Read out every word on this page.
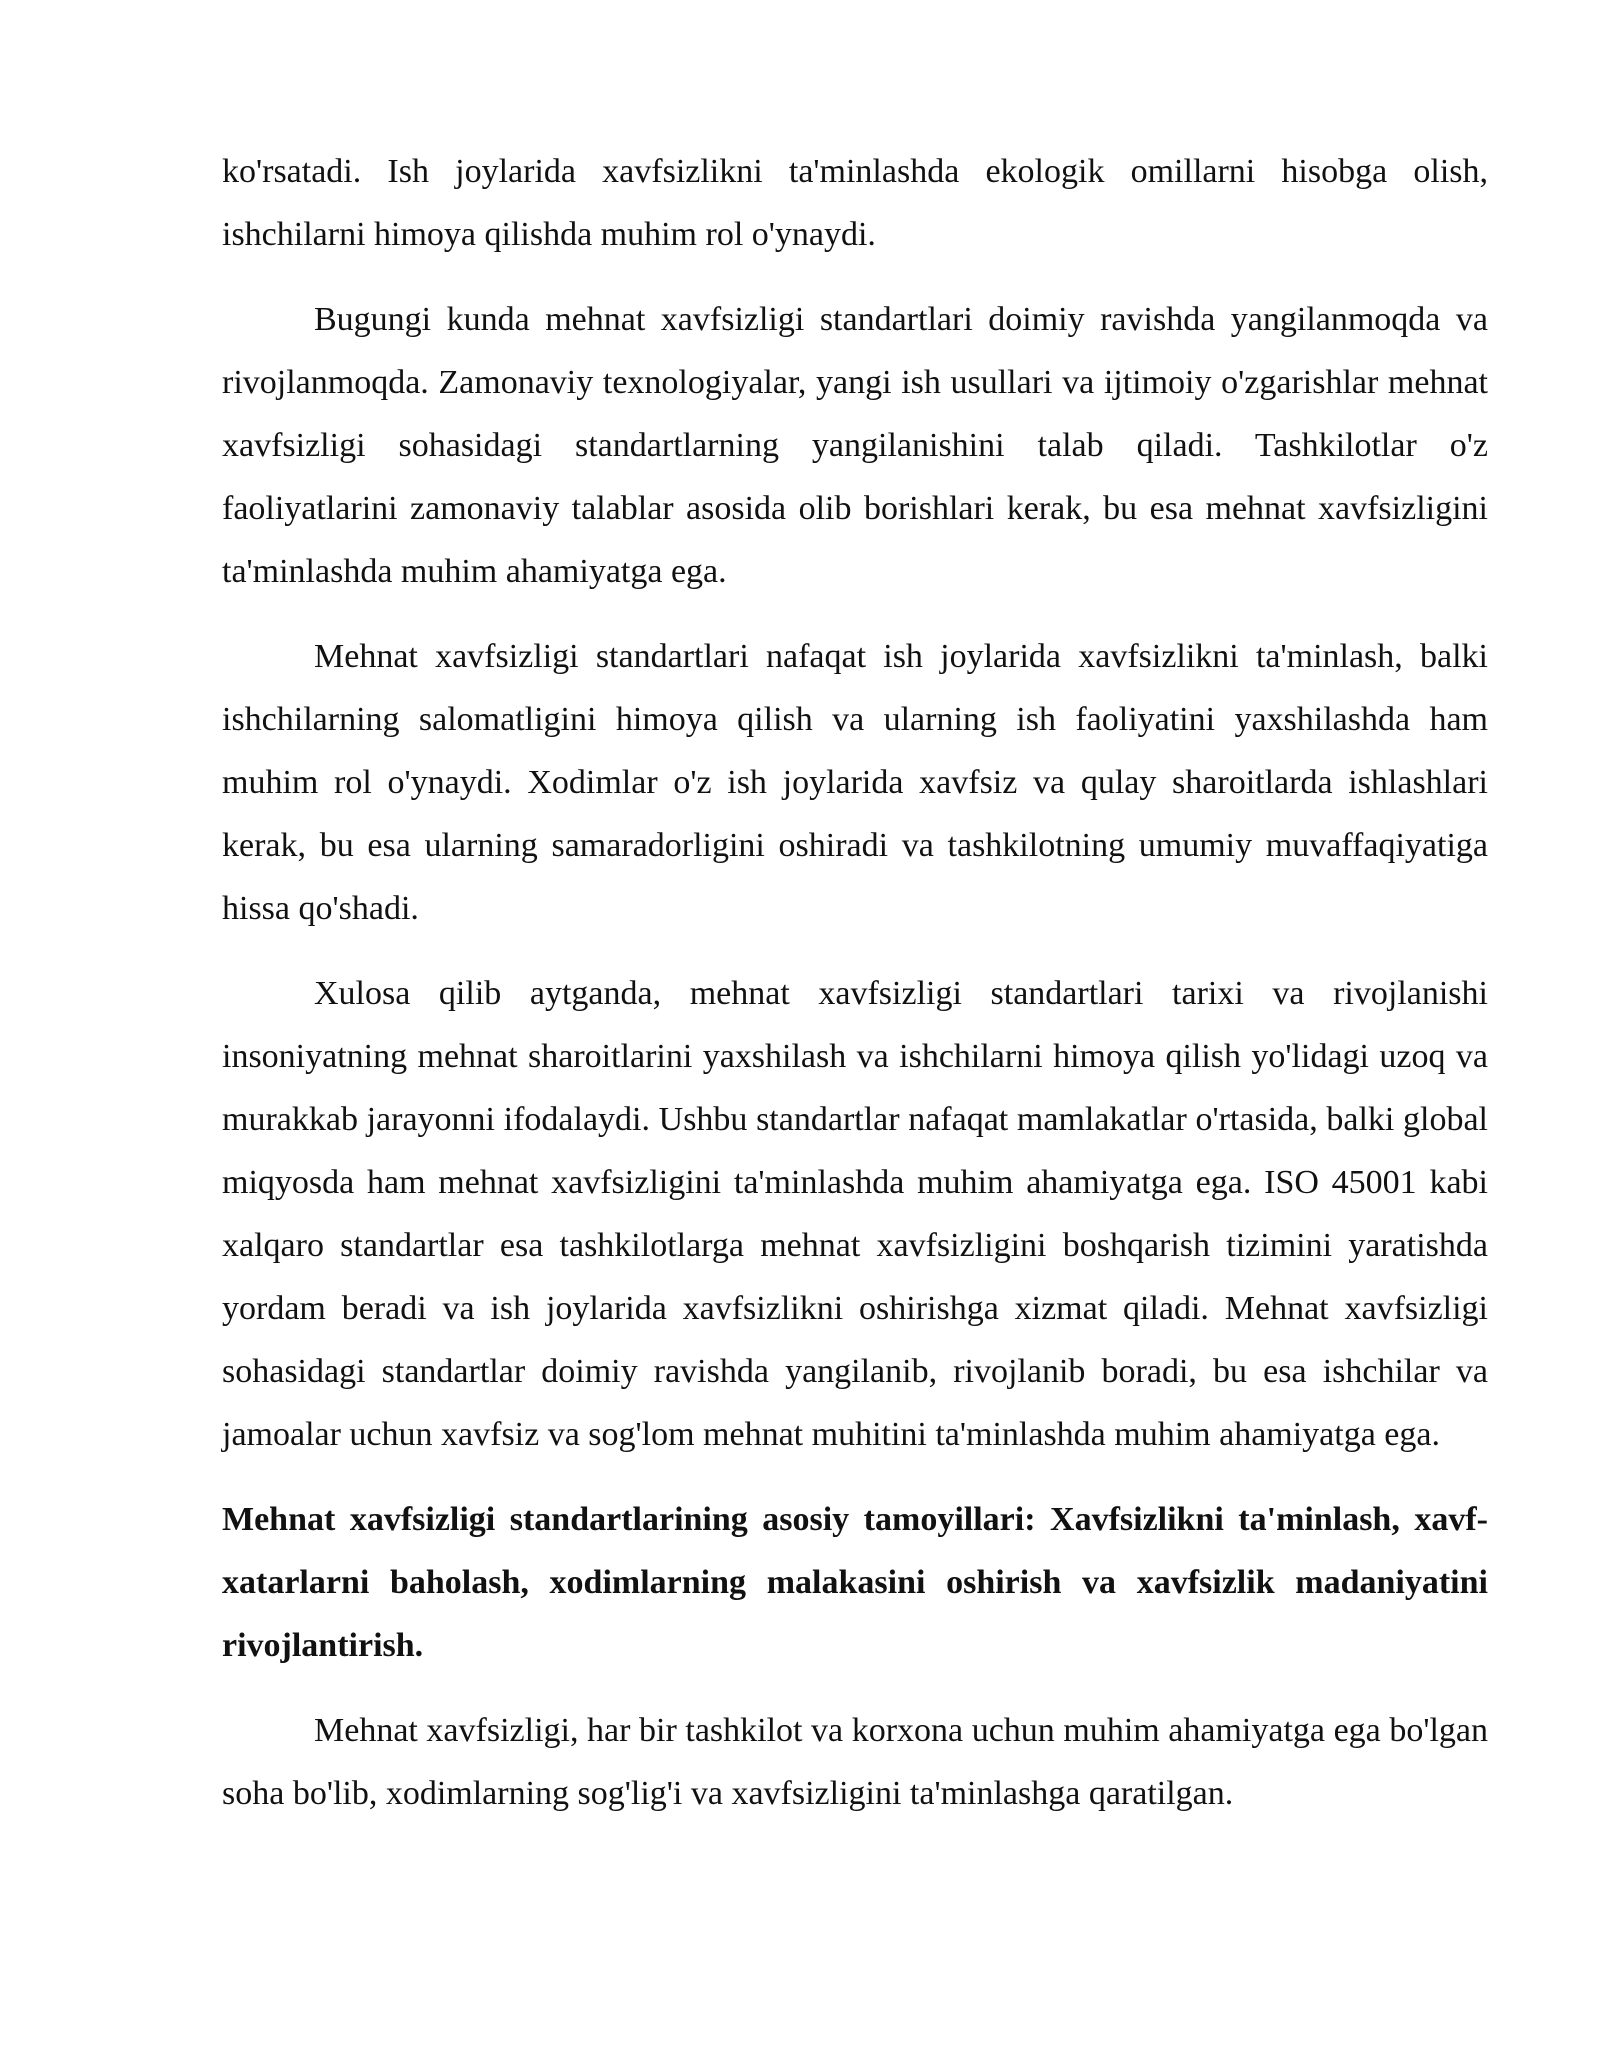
ko'rsatadi. Ish joylarida xavfsizlikni ta'minlashda ekologik omillarni hisobga olish, ishchilarni himoya qilishda muhim rol o'ynaydi.

Bugungi kunda mehnat xavfsizligi standartlari doimiy ravishda yangilanmoqda va rivojlanmoqda. Zamonaviy texnologiyalar, yangi ish usullari va ijtimoiy o'zgarishlar mehnat xavfsizligi sohasidagi standartlarning yangilanishini talab qiladi. Tashkilotlar o'z faoliyatlarini zamonaviy talablar asosida olib borishlari kerak, bu esa mehnat xavfsizligini ta'minlashda muhim ahamiyatga ega.

Mehnat xavfsizligi standartlari nafaqat ish joylarida xavfsizlikni ta'minlash, balki ishchilarning salomatligini himoya qilish va ularning ish faoliyatini yaxshilashda ham muhim rol o'ynaydi. Xodimlar o'z ish joylarida xavfsiz va qulay sharoitlarda ishlashlari kerak, bu esa ularning samaradorligini oshiradi va tashkilotning umumiy muvaffaqiyatiga hissa qo'shadi.

Xulosa qilib aytganda, mehnat xavfsizligi standartlari tarixi va rivojlanishi insoniyatning mehnat sharoitlarini yaxshilash va ishchilarni himoya qilish yo'lidagi uzoq va murakkab jarayonni ifodalaydi. Ushbu standartlar nafaqat mamlakatlar o'rtasida, balki global miqyosda ham mehnat xavfsizligini ta'minlashda muhim ahamiyatga ega. ISO 45001 kabi xalqaro standartlar esa tashkilotlarga mehnat xavfsizligini boshqarish tizimini yaratishda yordam beradi va ish joylarida xavfsizlikni oshirishga xizmat qiladi. Mehnat xavfsizligi sohasidagi standartlar doimiy ravishda yangilanib, rivojlanib boradi, bu esa ishchilar va jamoalar uchun xavfsiz va sog'lom mehnat muhitini ta'minlashda muhim ahamiyatga ega.

Mehnat xavfsizligi standartlarining asosiy tamoyillari: Xavfsizlikni ta'minlash, xavf-xatarlarni baholash, xodimlarning malakasini oshirish va xavfsizlik madaniyatini rivojlantirish.

Mehnat xavfsizligi, har bir tashkilot va korxona uchun muhim ahamiyatga ega bo'lgan soha bo'lib, xodimlarning sog'lig'i va xavfsizligini ta'minlashga qaratilgan.
